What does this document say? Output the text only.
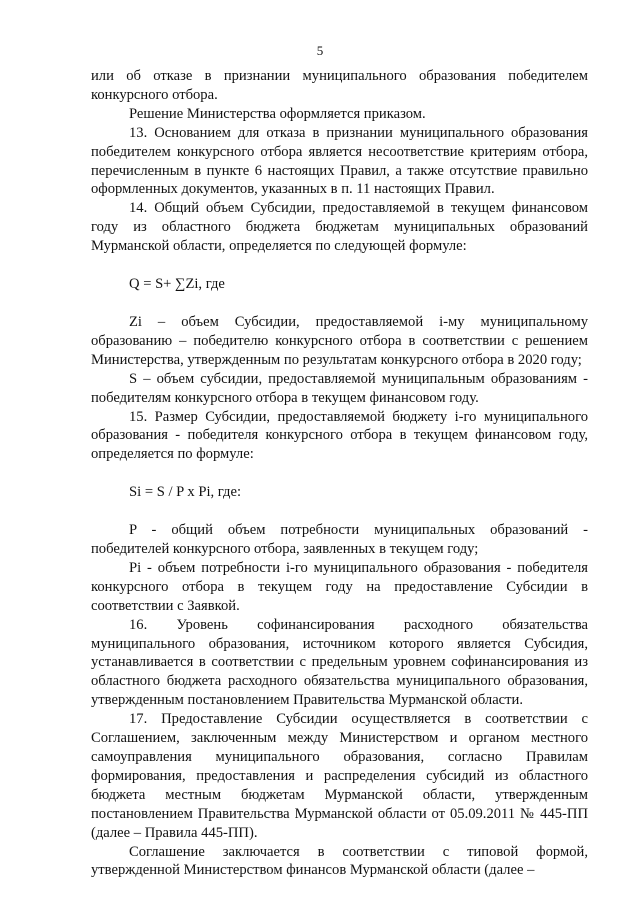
5

или об отказе в признании муниципального образования победителем конкурсного отбора.

Решение Министерства оформляется приказом.

13. Основанием для отказа в признании муниципального образования победителем конкурсного отбора является несоответствие критериям отбора, перечисленным в пункте 6 настоящих Правил, а также отсутствие правильно оформленных документов, указанных в п. 11 настоящих Правил.

14. Общий объем Субсидии, предоставляемой в текущем финансовом году из областного бюджета бюджетам муниципальных образований Мурманской области, определяется по следующей формуле:

Q = S+ ∑Zi, где

Zi – объем Субсидии, предоставляемой i-му муниципальному образованию – победителю конкурсного отбора в соответствии с решением Министерства, утвержденным по результатам конкурсного отбора в 2020 году;

S – объем субсидии, предоставляемой муниципальным образованиям - победителям конкурсного отбора в текущем финансовом году.

15. Размер Субсидии, предоставляемой бюджету i-го муниципального образования - победителя конкурсного отбора в текущем финансовом году, определяется по формуле:

Si = S / P x Pi, где:

P - общий объем потребности муниципальных образований - победителей конкурсного отбора, заявленных в текущем году;

Pi - объем потребности i-го муниципального образования - победителя конкурсного отбора в текущем году на предоставление Субсидии в соответствии с Заявкой.

16. Уровень софинансирования расходного обязательства муниципального образования, источником которого является Субсидия, устанавливается в соответствии с предельным уровнем софинансирования из областного бюджета расходного обязательства муниципального образования, утвержденным постановлением Правительства Мурманской области.

17. Предоставление Субсидии осуществляется в соответствии с Соглашением, заключенным между Министерством и органом местного самоуправления муниципального образования, согласно Правилам формирования, предоставления и распределения субсидий из областного бюджета местным бюджетам Мурманской области, утвержденным постановлением Правительства Мурманской области от 05.09.2011 № 445-ПП (далее – Правила 445-ПП).

Соглашение заключается в соответствии с типовой формой, утвержденной Министерством финансов Мурманской области (далее –
